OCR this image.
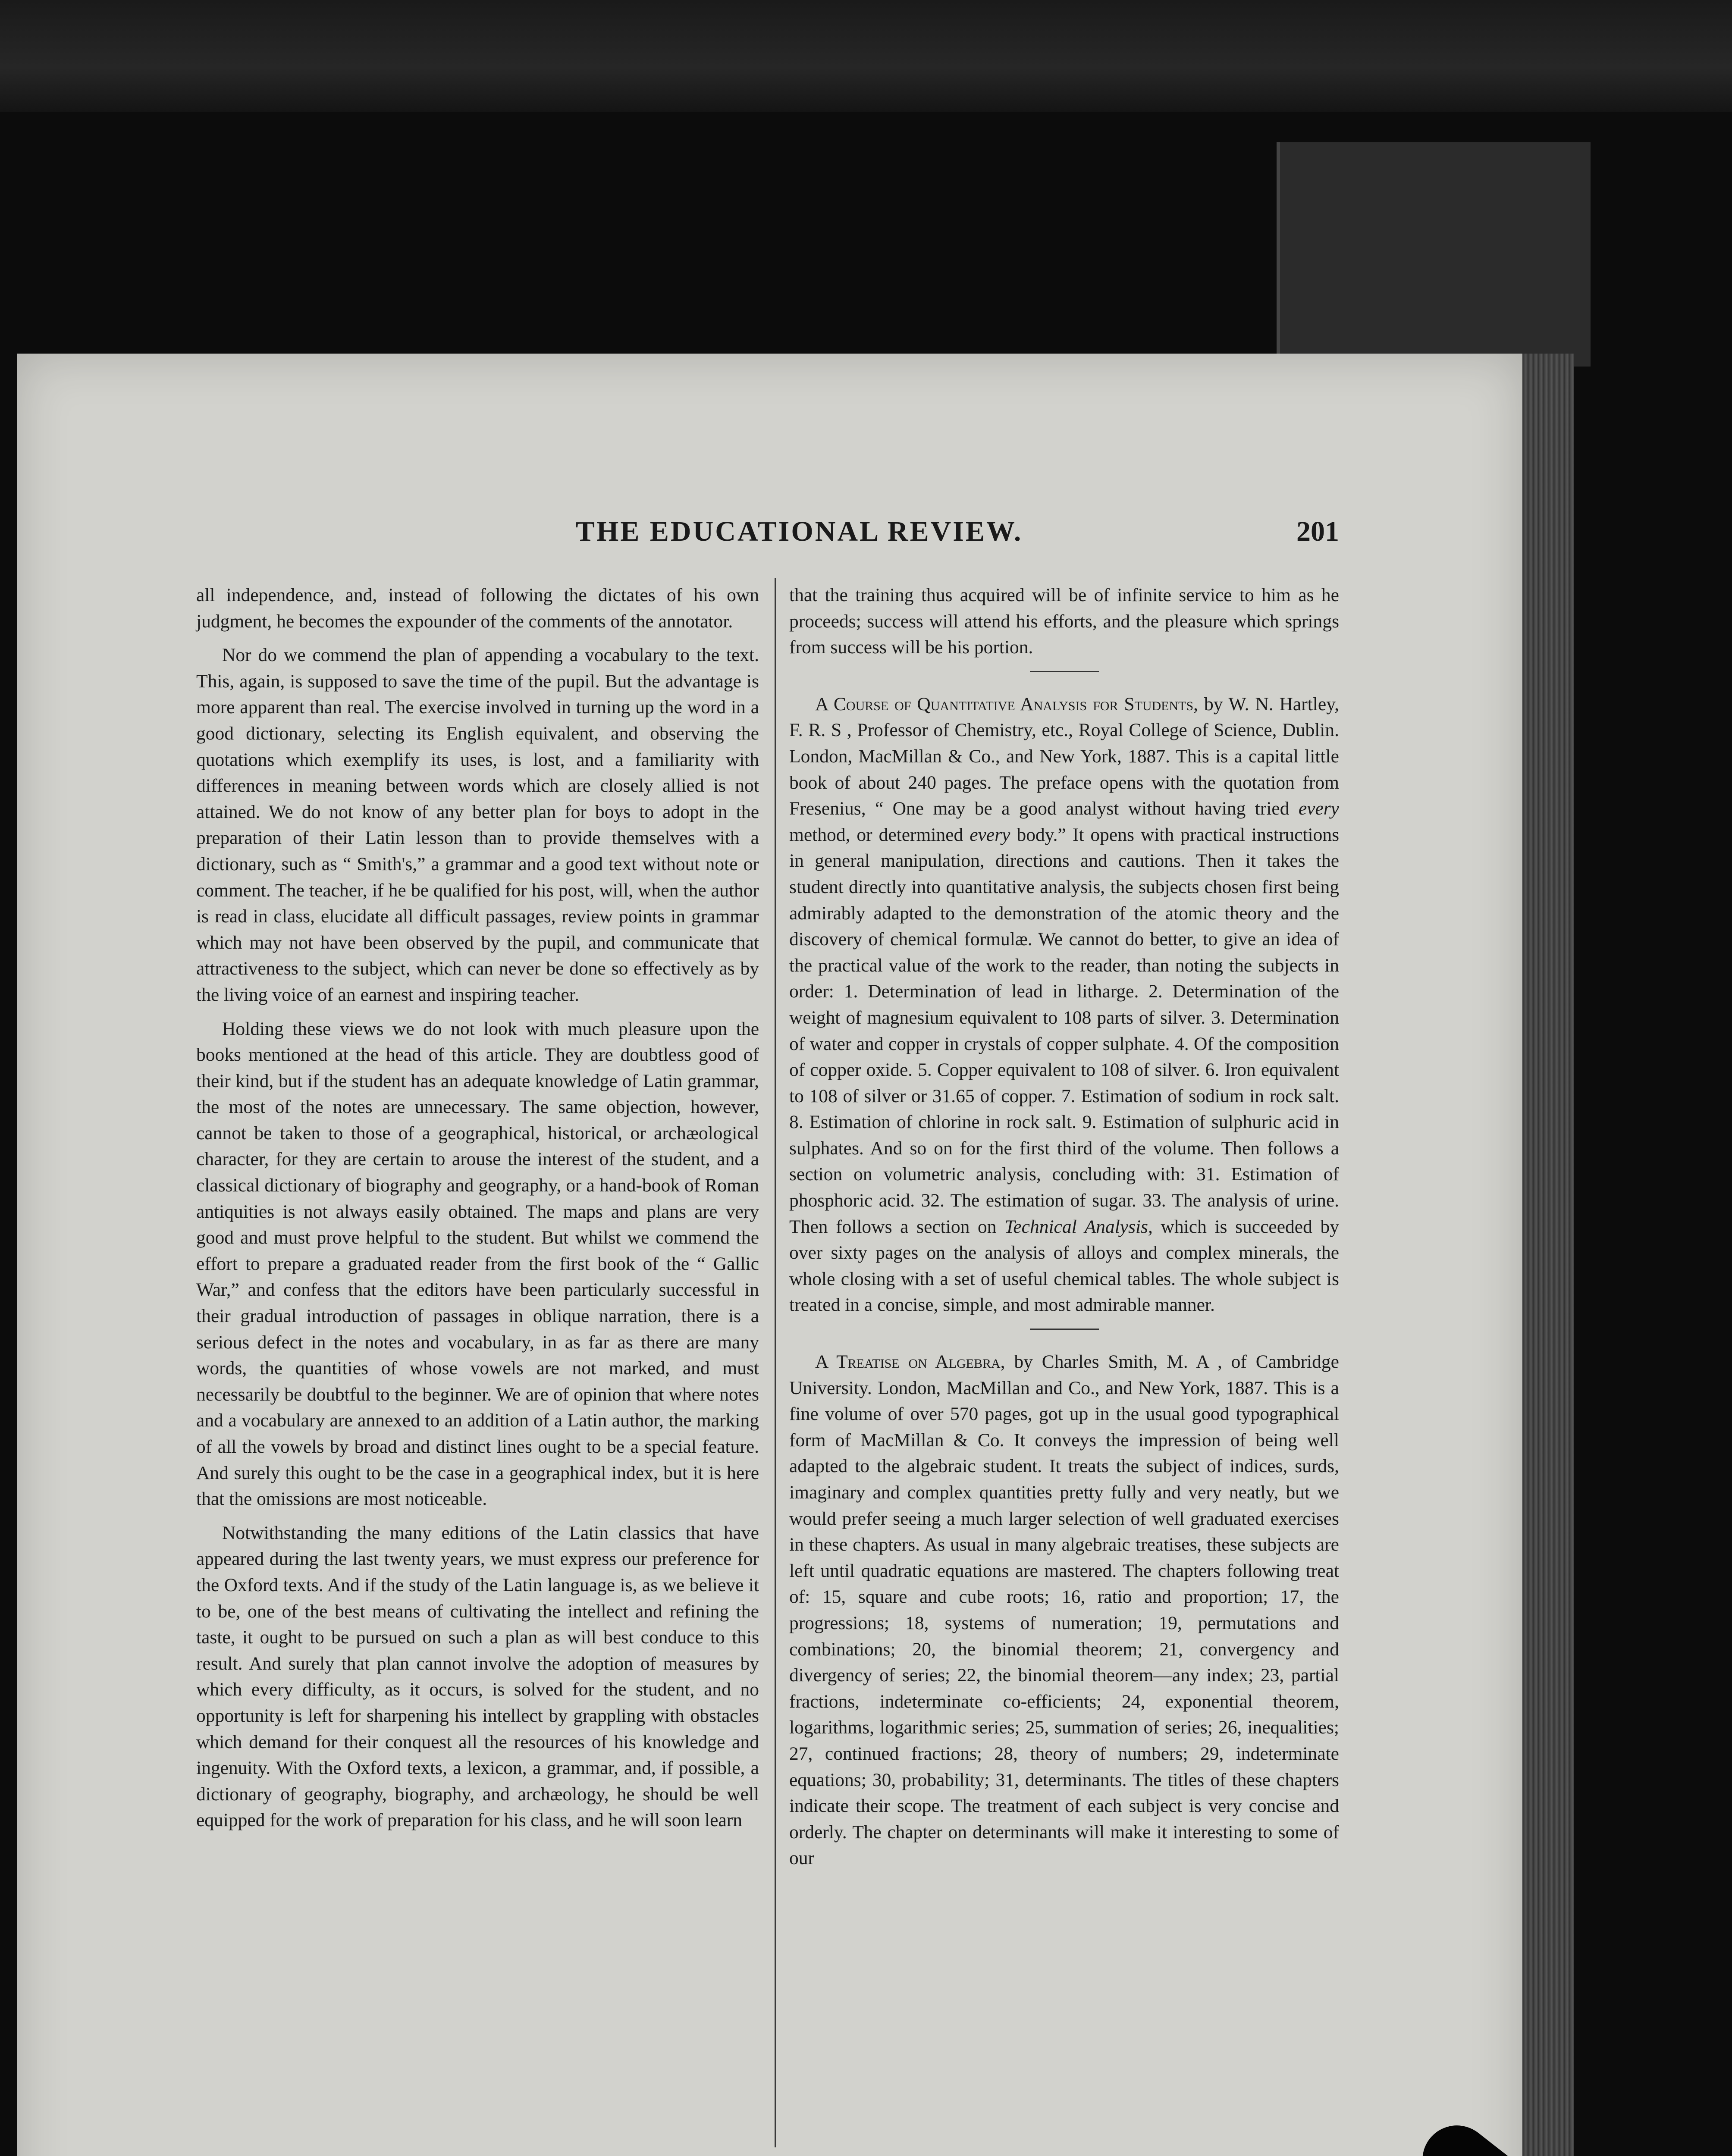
THE EDUCATIONAL REVIEW.	201

all independence, and, instead of following the dictates of his own judgment, he becomes the expounder of the comments of the annotator.

Nor do we commend the plan of appending a vocabulary to the text. This, again, is supposed to save the time of the pupil. But the advantage is more apparent than real. The exercise involved in turning up the word in a good dictionary, selecting its English equivalent, and observing the quotations which exemplify its uses, is lost, and a familiarity with differences in meaning between words which are closely allied is not attained. We do not know of any better plan for boys to adopt in the preparation of their Latin lesson than to provide themselves with a dictionary, such as “ Smith's,” a grammar and a good text without note or comment. The teacher, if he be qualified for his post, will, when the author is read in class, elucidate all difficult passages, review points in grammar which may not have been observed by the pupil, and communicate that attractiveness to the subject, which can never be done so effectively as by the living voice of an earnest and inspiring teacher.

Holding these views we do not look with much pleasure upon the books mentioned at the head of this article. They are doubtless good of their kind, but if the student has an adequate knowledge of Latin grammar, the most of the notes are unnecessary. The same objection, however, cannot be taken to those of a geographical, historical, or archæological character, for they are certain to arouse the interest of the student, and a classical dictionary of biography and geography, or a hand-book of Roman antiquities is not always easily obtained. The maps and plans are very good and must prove helpful to the student. But whilst we commend the effort to prepare a graduated reader from the first book of the “ Gallic War,” and confess that the editors have been particularly successful in their gradual introduction of passages in oblique narration, there is a serious defect in the notes and vocabulary, in as far as there are many words, the quantities of whose vowels are not marked, and must necessarily be doubtful to the beginner. We are of opinion that where notes and a vocabulary are annexed to an addition of a Latin author, the marking of all the vowels by broad and distinct lines ought to be a special feature. And surely this ought to be the case in a geographical index, but it is here that the omissions are most noticeable.

Notwithstanding the many editions of the Latin classics that have appeared during the last twenty years, we must express our preference for the Oxford texts. And if the study of the Latin language is, as we believe it to be, one of the best means of cultivating the intellect and refining the taste, it ought to be pursued on such a plan as will best conduce to this result. And surely that plan cannot involve the adoption of measures by which every difficulty, as it occurs, is solved for the student, and no opportunity is left for sharpening his intellect by grappling with obstacles which demand for their conquest all the resources of his knowledge and ingenuity. With the Oxford texts, a lexicon, a grammar, and, if possible, a dictionary of geography, biography, and archæology, he should be well equipped for the work of preparation for his class, and he will soon learn

that the training thus acquired will be of infinite service to him as he proceeds; success will attend his efforts, and the pleasure which springs from success will be his portion.

A Course of Quantitative Analysis for Students, by W. N. Hartley, F. R. S , Professor of Chemistry, etc., Royal College of Science, Dublin. London, MacMillan & Co., and New York, 1887. This is a capital little book of about 240 pages. The preface opens with the quotation from Fresenius, “ One may be a good analyst without having tried every method, or determined every body.” It opens with practical instructions in general manipulation, directions and cautions. Then it takes the student directly into quantitative analysis, the subjects chosen first being admirably adapted to the demonstration of the atomic theory and the discovery of chemical formulæ. We cannot do better, to give an idea of the practical value of the work to the reader, than noting the subjects in order: 1. Determination of lead in litharge. 2. Determination of the weight of magnesium equivalent to 108 parts of silver. 3. Determination of water and copper in crystals of copper sulphate. 4. Of the composition of copper oxide. 5. Copper equivalent to 108 of silver. 6. Iron equivalent to 108 of silver or 31.65 of copper. 7. Estimation of sodium in rock salt. 8. Estimation of chlorine in rock salt. 9. Estimation of sulphuric acid in sulphates. And so on for the first third of the volume. Then follows a section on volumetric analysis, concluding with: 31. Estimation of phosphoric acid. 32. The estimation of sugar. 33. The analysis of urine. Then follows a section on Technical Analysis, which is succeeded by over sixty pages on the analysis of alloys and complex minerals, the whole closing with a set of useful chemical tables. The whole subject is treated in a concise, simple, and most admirable manner.

A Treatise on Algebra, by Charles Smith, M. A , of Cambridge University. London, MacMillan and Co., and New York, 1887. This is a fine volume of over 570 pages, got up in the usual good typographical form of MacMillan & Co. It conveys the impression of being well adapted to the algebraic student. It treats the subject of indices, surds, imaginary and complex quantities pretty fully and very neatly, but we would prefer seeing a much larger selection of well graduated exercises in these chapters. As usual in many algebraic treatises, these subjects are left until quadratic equations are mastered. The chapters following treat of: 15, square and cube roots; 16, ratio and proportion; 17, the progressions; 18, systems of numeration; 19, permutations and combinations; 20, the binomial theorem; 21, convergency and divergency of series; 22, the binomial theorem—any index; 23, partial fractions, indeterminate co-efficients; 24, exponential theorem, logarithms, logarithmic series; 25, summation of series; 26, inequalities; 27, continued fractions; 28, theory of numbers; 29, indeterminate equations; 30, probability; 31, determinants. The titles of these chapters indicate their scope. The treatment of each subject is very concise and orderly. The chapter on determinants will make it interesting to some of our
